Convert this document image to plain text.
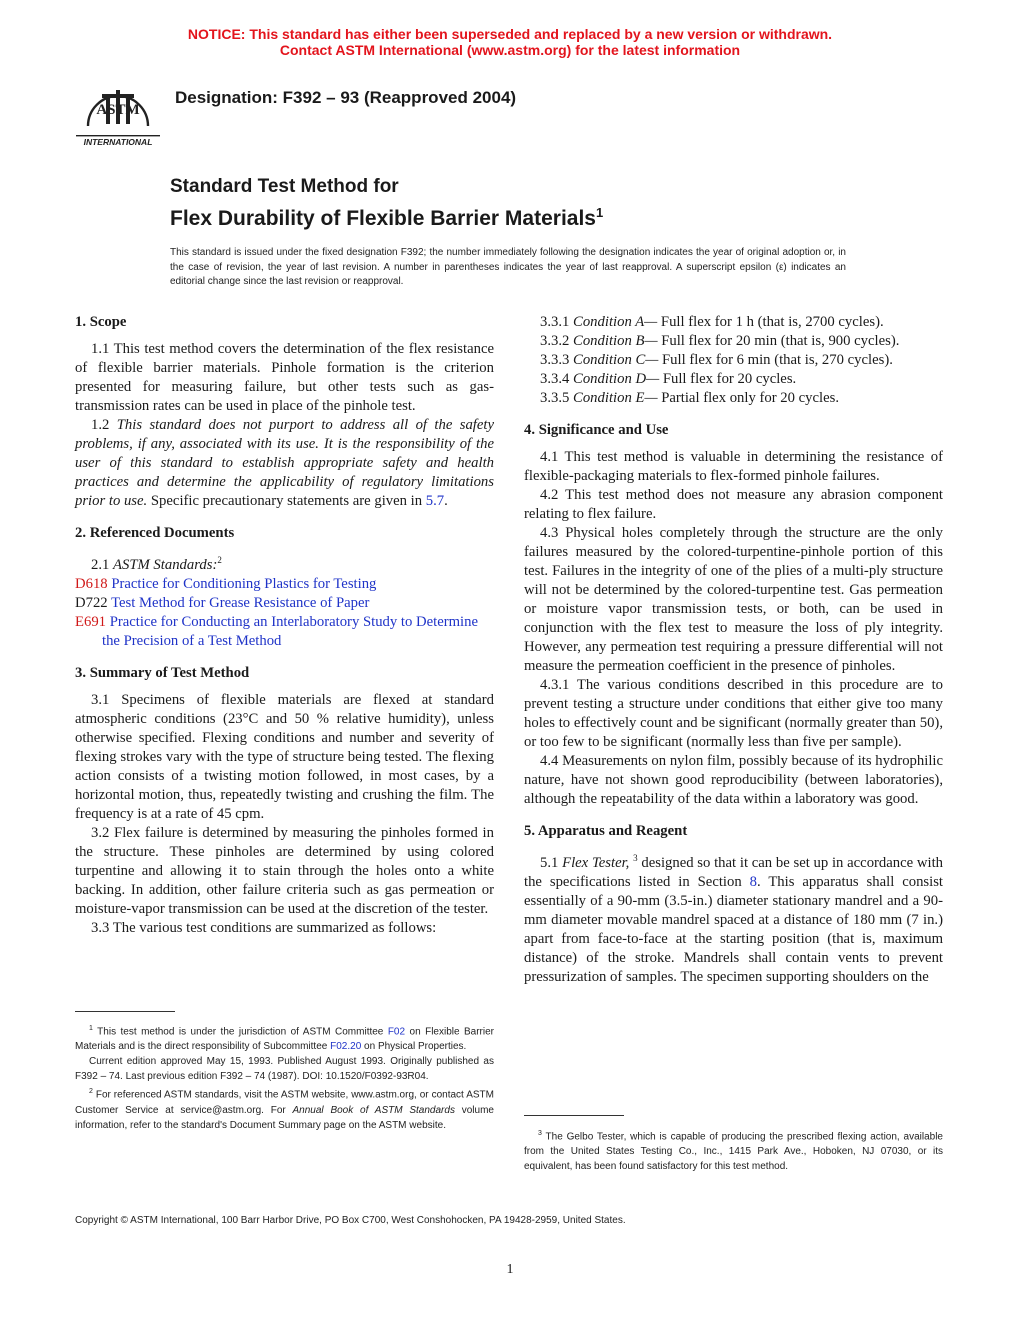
NOTICE: This standard has either been superseded and replaced by a new version or withdrawn.
Contact ASTM International (www.astm.org) for the latest information
ASTM
INTERNATIONAL
Designation: F392 – 93 (Reapproved 2004)
Standard Test Method for
Flex Durability of Flexible Barrier Materials$^1$
This standard is issued under the fixed designation F392; the number immediately following the designation indicates the year of original adoption or, in the case of revision, the year of last revision. A number in parentheses indicates the year of last reapproval. A superscript epsilon (ε) indicates an editorial change since the last revision or reapproval.
1. Scope

1.1 This test method covers the determination of the flex resistance of flexible barrier materials. Pinhole formation is the criterion presented for measuring failure, but other tests such as gas-transmission rates can be used in place of the pinhole test.

1.2 This standard does not purport to address all of the safety problems, if any, associated with its use. It is the responsibility of the user of this standard to establish appropriate safety and health practices and determine the applicability of regulatory limitations prior to use. Specific precautionary statements are given in 5.7.

2. Referenced Documents

2.1 ASTM Standards:$^2$

D618 Practice for Conditioning Plastics for Testing

D722 Test Method for Grease Resistance of Paper

E691 Practice for Conducting an Interlaboratory Study to Determine the Precision of a Test Method

3. Summary of Test Method

3.1 Specimens of flexible materials are flexed at standard atmospheric conditions (23°C and 50 % relative humidity), unless otherwise specified. Flexing conditions and number and severity of flexing strokes vary with the type of structure being tested. The flexing action consists of a twisting motion followed, in most cases, by a horizontal motion, thus, repeatedly twisting and crushing the film. The frequency is at a rate of 45 cpm.

3.2 Flex failure is determined by measuring the pinholes formed in the structure. These pinholes are determined by using colored turpentine and allowing it to stain through the holes onto a white backing. In addition, other failure criteria such as gas permeation or moisture-vapor transmission can be used at the discretion of the tester.

3.3 The various test conditions are summarized as follows:

3.3.1 Condition A— Full flex for 1 h (that is, 2700 cycles).

3.3.2 Condition B— Full flex for 20 min (that is, 900 cycles).

3.3.3 Condition C— Full flex for 6 min (that is, 270 cycles).

3.3.4 Condition D— Full flex for 20 cycles.

3.3.5 Condition E— Partial flex only for 20 cycles.

4. Significance and Use

4.1 This test method is valuable in determining the resistance of flexible-packaging materials to flex-formed pinhole failures.

4.2 This test method does not measure any abrasion component relating to flex failure.

4.3 Physical holes completely through the structure are the only failures measured by the colored-turpentine-pinhole portion of this test. Failures in the integrity of one of the plies of a multi-ply structure will not be determined by the colored-turpentine test. Gas permeation or moisture vapor transmission tests, or both, can be used in conjunction with the flex test to measure the loss of ply integrity. However, any permeation test requiring a pressure differential will not measure the permeation coefficient in the presence of pinholes.

4.3.1 The various conditions described in this procedure are to prevent testing a structure under conditions that either give too many holes to effectively count and be significant (normally greater than 50), or too few to be significant (normally less than five per sample).

4.4 Measurements on nylon film, possibly because of its hydrophilic nature, have not shown good reproducibility (between laboratories), although the repeatability of the data within a laboratory was good.

5. Apparatus and Reagent

5.1 Flex Tester, $^3$ designed so that it can be set up in accordance with the specifications listed in Section 8. This apparatus shall consist essentially of a 90-mm (3.5-in.) diameter stationary mandrel and a 90-mm diameter movable mandrel spaced at a distance of 180 mm (7 in.) apart from face-to-face at the starting position (that is, maximum distance) of the stroke. Mandrels shall contain vents to prevent pressurization of samples. The specimen supporting shoulders on the

$^1$ This test method is under the jurisdiction of ASTM Committee F02 on Flexible Barrier Materials and is the direct responsibility of Subcommittee F02.20 on Physical Properties.

Current edition approved May 15, 1993. Published August 1993. Originally published as F392 – 74. Last previous edition F392 – 74 (1987). DOI: 10.1520/F0392-93R04.

$^2$ For referenced ASTM standards, visit the ASTM website, www.astm.org, or contact ASTM Customer Service at service@astm.org. For Annual Book of ASTM Standards volume information, refer to the standard's Document Summary page on the ASTM website.

$^3$ The Gelbo Tester, which is capable of producing the prescribed flexing action, available from the United States Testing Co., Inc., 1415 Park Ave., Hoboken, NJ 07030, or its equivalent, has been found satisfactory for this test method.

Copyright © ASTM International, 100 Barr Harbor Drive, PO Box C700, West Conshohocken, PA 19428-2959, United States.
1
